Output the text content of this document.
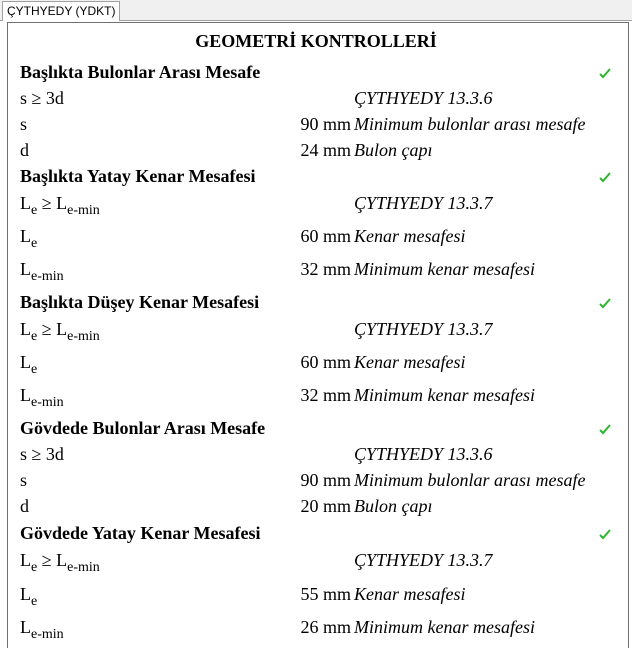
ÇYTHYEDY (YDKT)
GEOMETRİ KONTROLLERİ
Başlıkta Bulonlar Arası Mesafe
s ≥ 3d	ÇYTHYEDY 13.3.6
s	90 mm Minimum bulonlar arası mesafe
d	24 mm Bulon çapı
Başlıkta Yatay Kenar Mesafesi
$L_e \ge L_{e-min}$	ÇYTHYEDY 13.3.7
$L_e$	60 mm Kenar mesafesi
$L_{e-min}$	32 mm Minimum kenar mesafesi
Başlıkta Düşey Kenar Mesafesi
$L_e \ge L_{e-min}$	ÇYTHYEDY 13.3.7
$L_e$	60 mm Kenar mesafesi
$L_{e-min}$	32 mm Minimum kenar mesafesi
Gövdede Bulonlar Arası Mesafe
s ≥ 3d	ÇYTHYEDY 13.3.6
s	90 mm Minimum bulonlar arası mesafe
d	20 mm Bulon çapı
Gövdede Yatay Kenar Mesafesi
$L_e \ge L_{e-min}$	ÇYTHYEDY 13.3.7
$L_e$	55 mm Kenar mesafesi
$L_{e-min}$	26 mm Minimum kenar mesafesi
